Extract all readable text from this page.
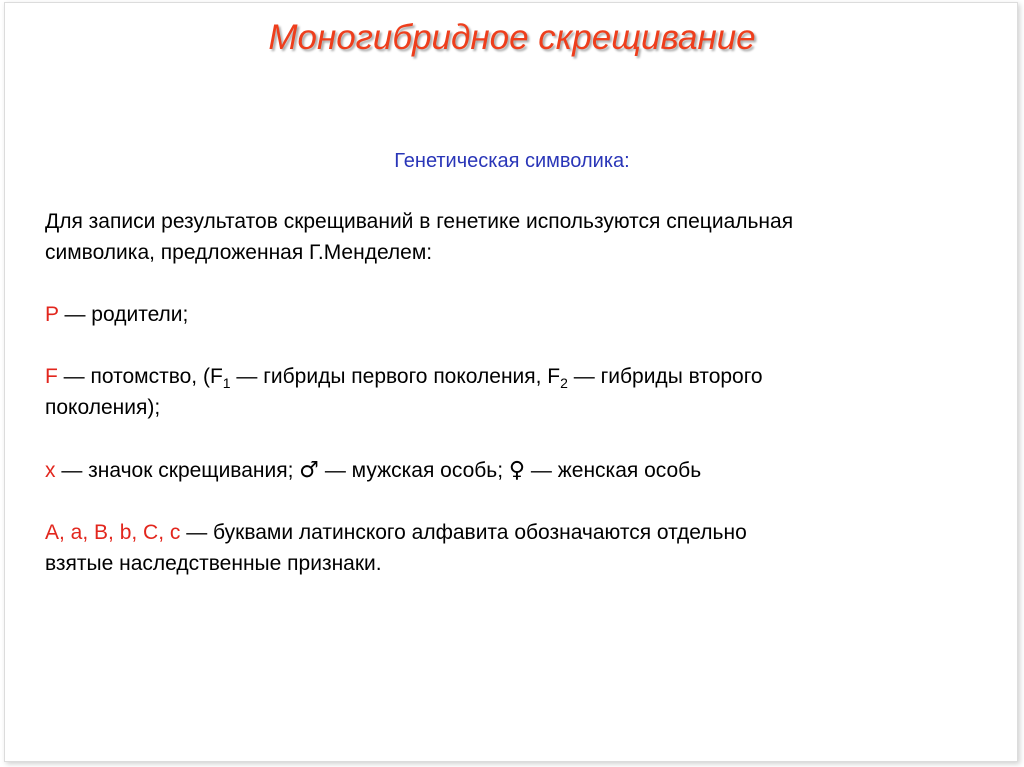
Моногибридное скрещивание
Генетическая символика:
Для записи результатов скрещиваний в генетике используются специальная
символика, предложенная Г.Менделем:
P — родители;
F — потомство, ($F_1$ — гибриды первого поколения, $F_2$ — гибриды второго
поколения);
x — значок скрещивания; ♂ — мужская особь; ♀ — женская особь
A, a, B, b, C, c — буквами латинского алфавита обозначаются отдельно
взятые наследственные признаки.
